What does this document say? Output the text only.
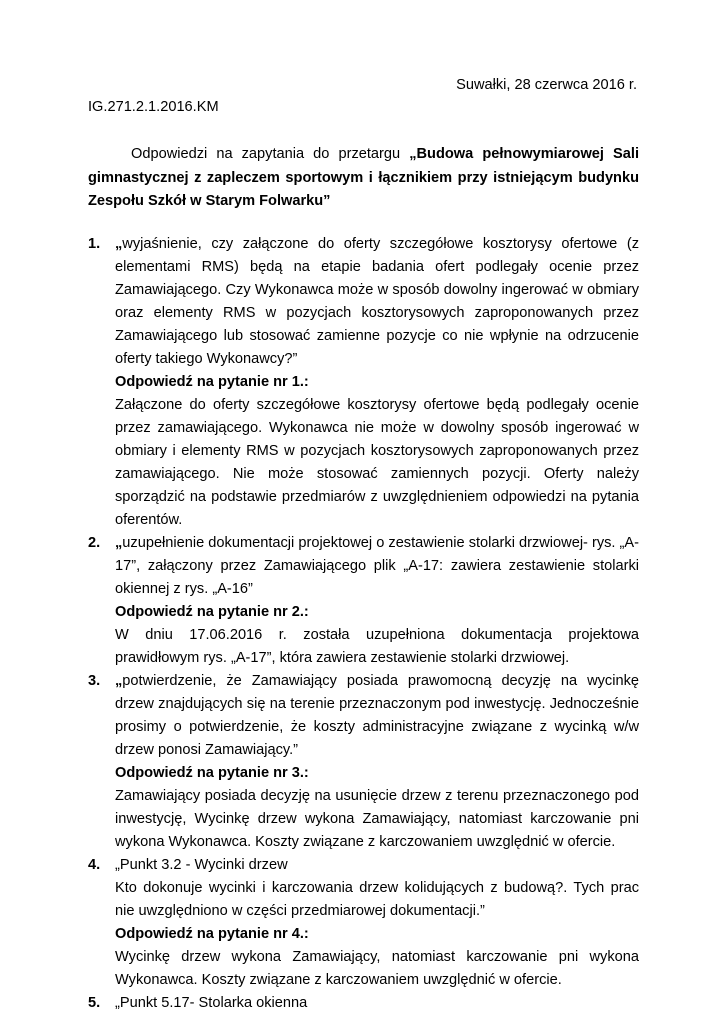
Suwałki, 28 czerwca 2016 r.
IG.271.2.1.2016.KM

Odpowiedzi na zapytania do przetargu „Budowa pełnowymiarowej Sali gimnastycznej z zapleczem sportowym i łącznikiem przy istniejącym budynku Zespołu Szkół w Starym Folwarku”

1. „wyjaśnienie, czy załączone do oferty szczegółowe kosztorysy ofertowe (z elementami RMS) będą na etapie badania ofert podlegały ocenie przez Zamawiającego. Czy Wykonawca może w sposób dowolny ingerować w obmiary oraz elementy RMS w pozycjach kosztorysowych zaproponowanych przez Zamawiającego lub stosować zamienne pozycje co nie wpłynie na odrzucenie oferty takiego Wykonawcy?”

Odpowiedź na pytanie nr 1.:

Załączone do oferty szczegółowe kosztorysy ofertowe będą podlegały ocenie przez zamawiającego. Wykonawca nie może w dowolny sposób ingerować w obmiary i elementy RMS w pozycjach kosztorysowych zaproponowanych przez zamawiającego. Nie może stosować zamiennych pozycji. Oferty należy sporządzić na podstawie przedmiarów z uwzględnieniem odpowiedzi na pytania oferentów.

2. „uzupełnienie dokumentacji projektowej o zestawienie stolarki drzwiowej- rys. „A-17”, załączony przez Zamawiającego plik „A-17: zawiera zestawienie stolarki okiennej z rys. „A-16”

Odpowiedź na pytanie nr 2.:

W dniu 17.06.2016 r. została uzupełniona dokumentacja projektowa prawidłowym rys. „A-17”, która zawiera zestawienie stolarki drzwiowej.

3. „potwierdzenie, że Zamawiający posiada prawomocną decyzję na wycinkę drzew znajdujących się na terenie przeznaczonym pod inwestycję. Jednocześnie prosimy o potwierdzenie, że koszty administracyjne związane z wycinką w/w drzew ponosi Zamawiający.”

Odpowiedź na pytanie nr 3.:

Zamawiający posiada decyzję na usunięcie drzew z terenu przeznaczonego pod inwestycję, Wycinkę drzew wykona Zamawiający, natomiast karczowanie pni wykona Wykonawca. Koszty związane z karczowaniem uwzględnić w ofercie.

4. „Punkt 3.2 - Wycinki drzew

Kto dokonuje wycinki i karczowania drzew kolidujących z budową?. Tych prac nie uwzględniono w części przedmiarowej dokumentacji.”

Odpowiedź na pytanie nr 4.:

Wycinkę drzew wykona Zamawiający, natomiast karczowanie pni wykona Wykonawca. Koszty związane z karczowaniem uwzględnić w ofercie.

5. „Punkt 5.17- Stolarka okienna
